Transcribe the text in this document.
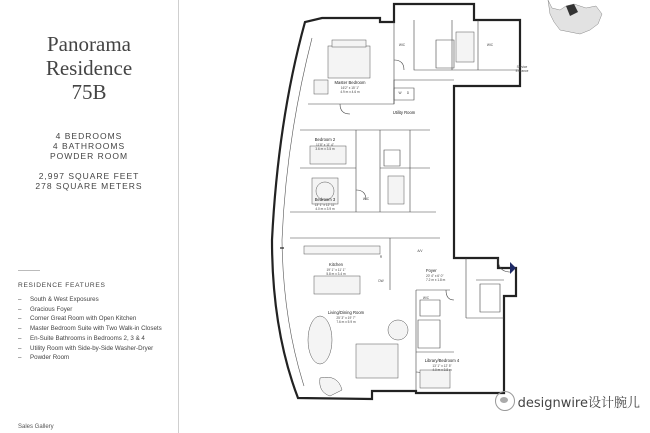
Panorama
Residence
75B
4 BEDROOMS
4 BATHROOMS
POWDER ROOM
2,997 SQUARE FEET
278 SQUARE METERS
RESIDENCE FEATURES
– South & West Exposures
– Gracious Foyer
– Corner Great Room with Open Kitchen
– Master Bedroom Suite with Two Walk-in Closets
– En-Suite Bathrooms in Bedrooms 2, 3 & 4
– Utility Room with Side-by-Side Washer-Dryer
– Powder Room
Sales Gallery
Master Bedroom
16'2" x 15' 1"
4.9 m x 4.6 m
Bedroom 2
11'8" x 11' 4"
3.6 m x 3.5 m
Bedroom 3
13' 1" x 12' 11"
4.0 m x 3.9 m
Kitchen
19' 1" x 11' 1"
5.8 m x 3.4 m
Living/Dining Room
25' 3" x 19' 7"
7.6 m x 5.9 m
Foyer
20' 4" x 6' 0"
7.2 m x 1.8 m
Library/Bedroom 4
13' 1" x 12' 5"
4.0 m x 3.8 m
Utility Room
Service
Entrance
WIC	WIC
WIC
R
DW
A/V
W/C
W D
designwire设计腕儿
